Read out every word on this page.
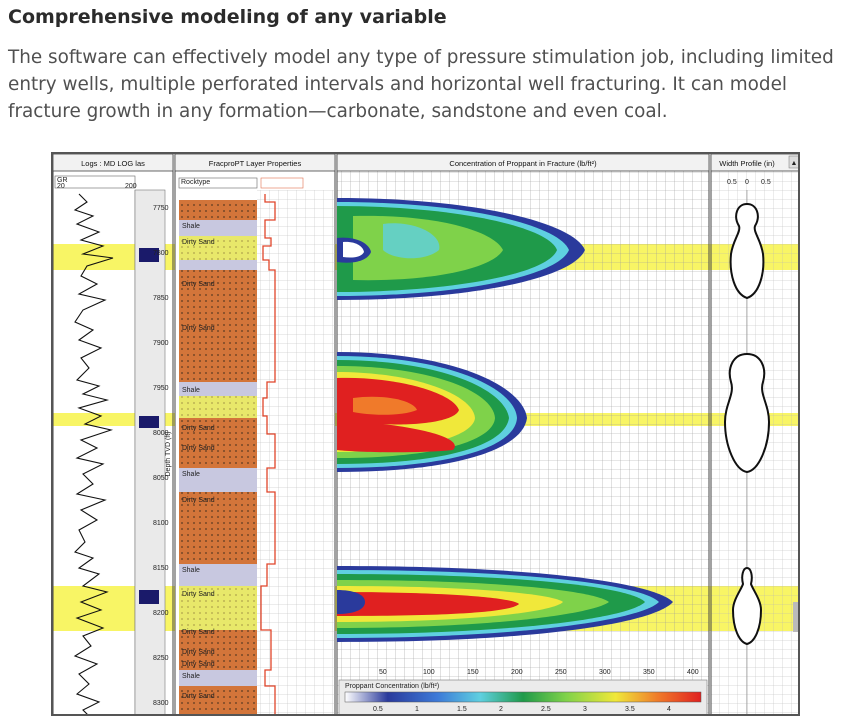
Comprehensive modeling of any variable

The software can effectively model any type of pressure stimulation job, including limited
entry wells, multiple perforated intervals and horizontal well fracturing. It can model
fracture growth in any formation—carbonate, sandstone and even coal.

Logs : MD LOG las
GR
20	200
7750
7800
7850
7900
7950
8000
8050
8100
8150
8200
8250
8300
Depth TVD (ft)
FracproPT Layer Properties
Rocktype
Shale
Dirty Sand
Dirty Sand
Dirty Sand
Shale
Dirty Sand
Dirty Sand
Shale
Dirty Sand
Shale
Dirty Sand
Dirty Sand
Dirty Sand
Dirty Sand
Shale
Dirty Sand
Concentration of Proppant in Fracture (lb/ft²)
50	100	150	200	250	300	350	400
Proppant Concentration (lb/ft²)
0.5	1	1.5	2	2.5	3	3.5	4
Width Profile (in) ▲
0.5 0 0.5
